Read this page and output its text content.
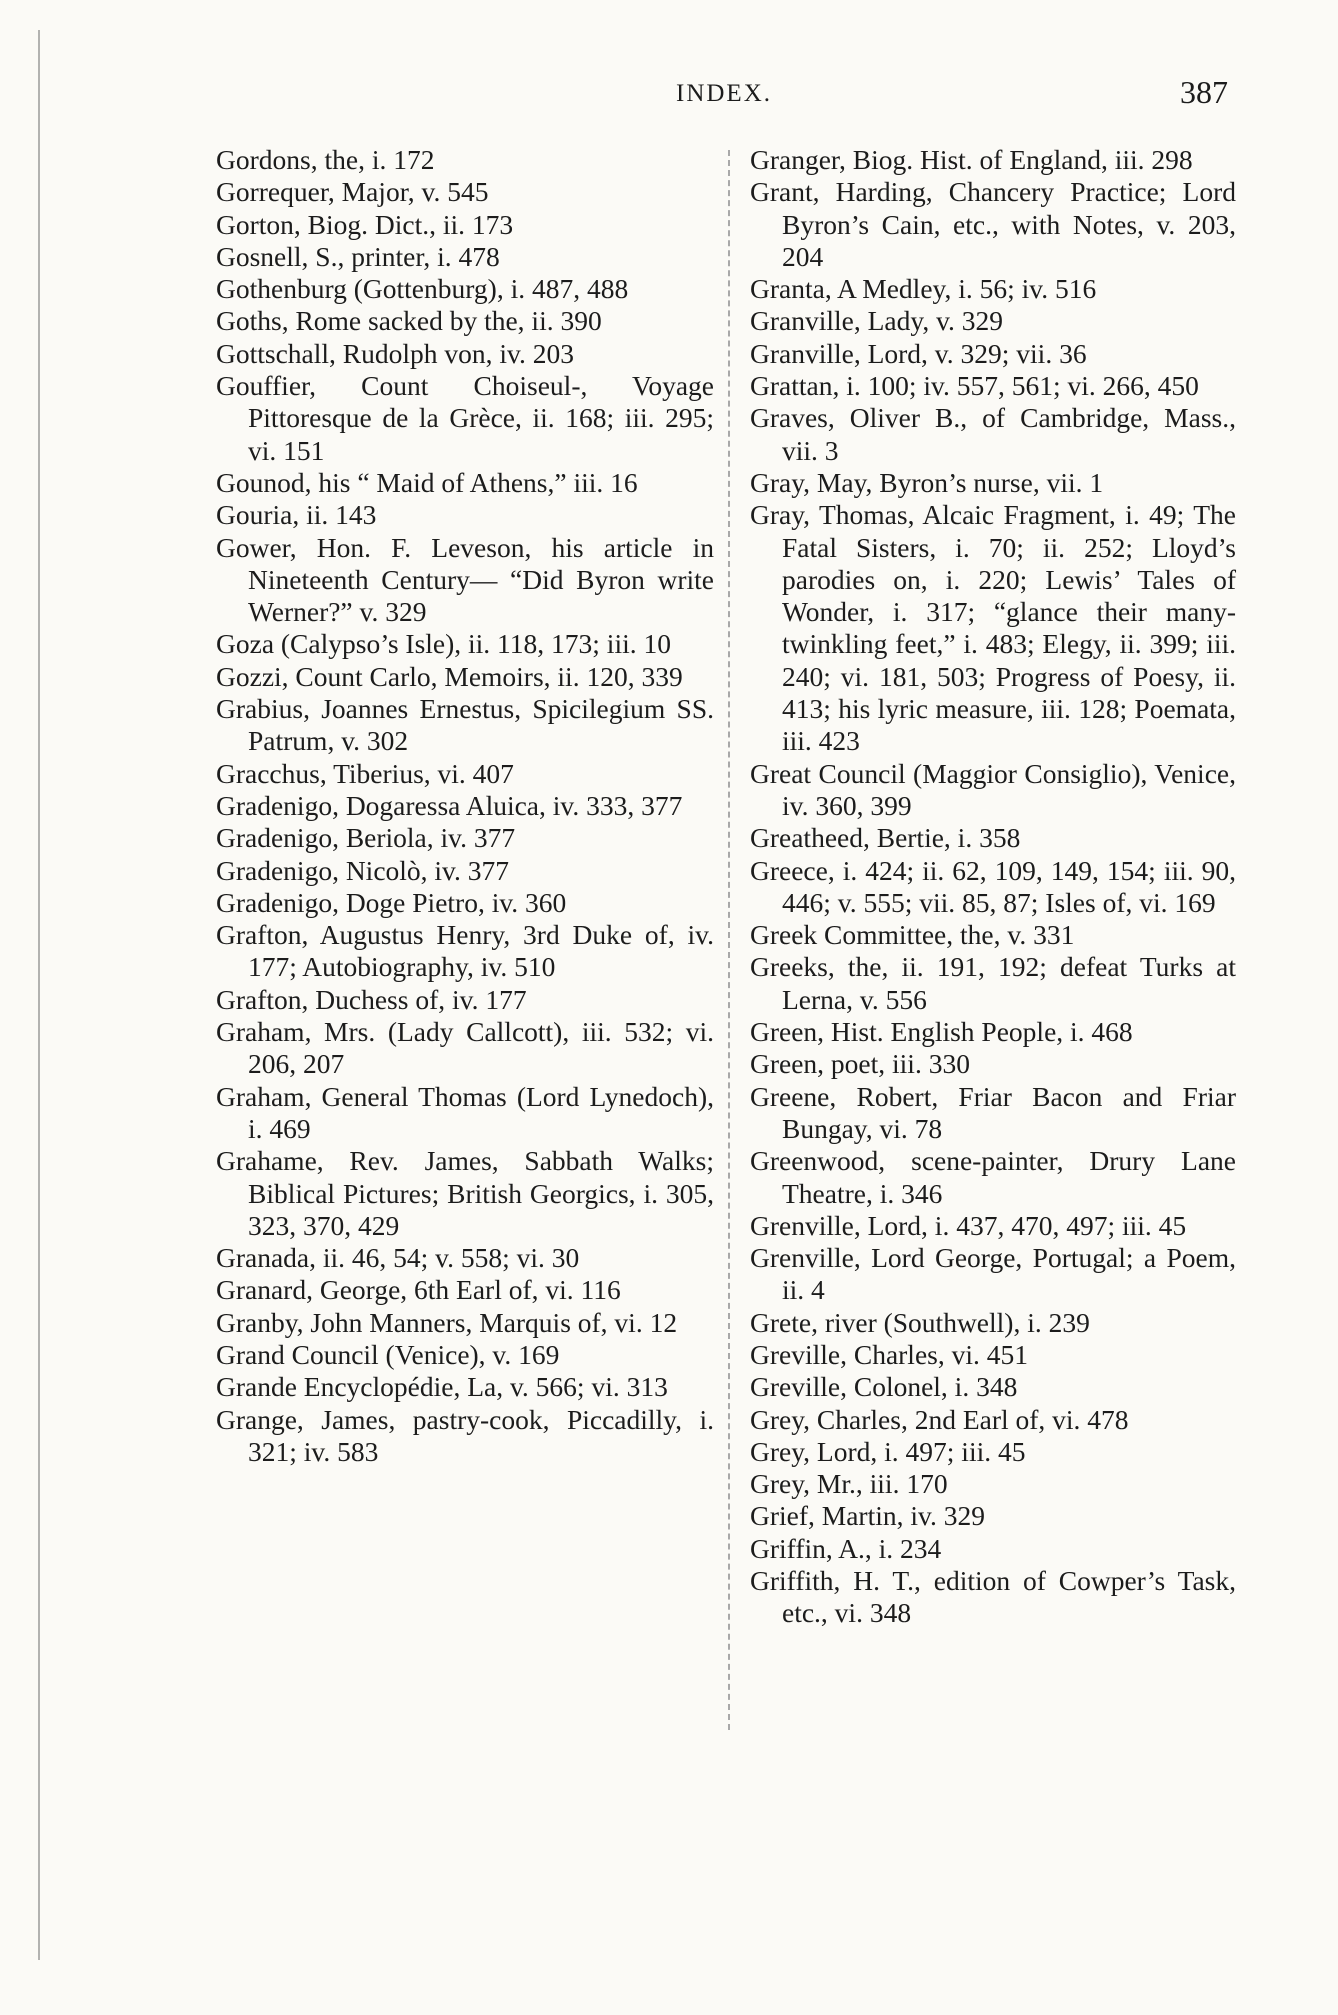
INDEX.	387
Gordons, the, i. 172
Gorrequer, Major, v. 545
Gorton, Biog. Dict., ii. 173
Gosnell, S., printer, i. 478
Gothenburg (Gottenburg), i. 487, 488
Goths, Rome sacked by the, ii. 390
Gottschall, Rudolph von, iv. 203
Gouffier, Count Choiseul-, Voyage Pittoresque de la Grèce, ii. 168; iii. 295; vi. 151
Gounod, his “ Maid of Athens,” iii. 16
Gouria, ii. 143
Gower, Hon. F. Leveson, his article in Nineteenth Century— “Did Byron write Werner?” v. 329
Goza (Calypso’s Isle), ii. 118, 173; iii. 10
Gozzi, Count Carlo, Memoirs, ii. 120, 339
Grabius, Joannes Ernestus, Spicilegium SS. Patrum, v. 302
Gracchus, Tiberius, vi. 407
Gradenigo, Dogaressa Aluica, iv. 333, 377
Gradenigo, Beriola, iv. 377
Gradenigo, Nicolò, iv. 377
Gradenigo, Doge Pietro, iv. 360
Grafton, Augustus Henry, 3rd Duke of, iv. 177; Autobiography, iv. 510
Grafton, Duchess of, iv. 177
Graham, Mrs. (Lady Callcott), iii. 532; vi. 206, 207
Graham, General Thomas (Lord Lynedoch), i. 469
Grahame, Rev. James, Sabbath Walks; Biblical Pictures; British Georgics, i. 305, 323, 370, 429
Granada, ii. 46, 54; v. 558; vi. 30
Granard, George, 6th Earl of, vi. 116
Granby, John Manners, Marquis of, vi. 12
Grand Council (Venice), v. 169
Grande Encyclopédie, La, v. 566; vi. 313
Grange, James, pastry-cook, Piccadilly, i. 321; iv. 583
Granger, Biog. Hist. of England, iii. 298
Grant, Harding, Chancery Practice; Lord Byron’s Cain, etc., with Notes, v. 203, 204
Granta, A Medley, i. 56; iv. 516
Granville, Lady, v. 329
Granville, Lord, v. 329; vii. 36
Grattan, i. 100; iv. 557, 561; vi. 266, 450
Graves, Oliver B., of Cambridge, Mass., vii. 3
Gray, May, Byron’s nurse, vii. 1
Gray, Thomas, Alcaic Fragment, i. 49; The Fatal Sisters, i. 70; ii. 252; Lloyd’s parodies on, i. 220; Lewis’ Tales of Wonder, i. 317; “glance their many-twinkling feet,” i. 483; Elegy, ii. 399; iii. 240; vi. 181, 503; Progress of Poesy, ii. 413; his lyric measure, iii. 128; Poemata, iii. 423
Great Council (Maggior Consiglio), Venice, iv. 360, 399
Greatheed, Bertie, i. 358
Greece, i. 424; ii. 62, 109, 149, 154; iii. 90, 446; v. 555; vii. 85, 87; Isles of, vi. 169
Greek Committee, the, v. 331
Greeks, the, ii. 191, 192; defeat Turks at Lerna, v. 556
Green, Hist. English People, i. 468
Green, poet, iii. 330
Greene, Robert, Friar Bacon and Friar Bungay, vi. 78
Greenwood, scene-painter, Drury Lane Theatre, i. 346
Grenville, Lord, i. 437, 470, 497; iii. 45
Grenville, Lord George, Portugal; a Poem, ii. 4
Grete, river (Southwell), i. 239
Greville, Charles, vi. 451
Greville, Colonel, i. 348
Grey, Charles, 2nd Earl of, vi. 478
Grey, Lord, i. 497; iii. 45
Grey, Mr., iii. 170
Grief, Martin, iv. 329
Griffin, A., i. 234
Griffith, H. T., edition of Cowper’s Task, etc., vi. 348
